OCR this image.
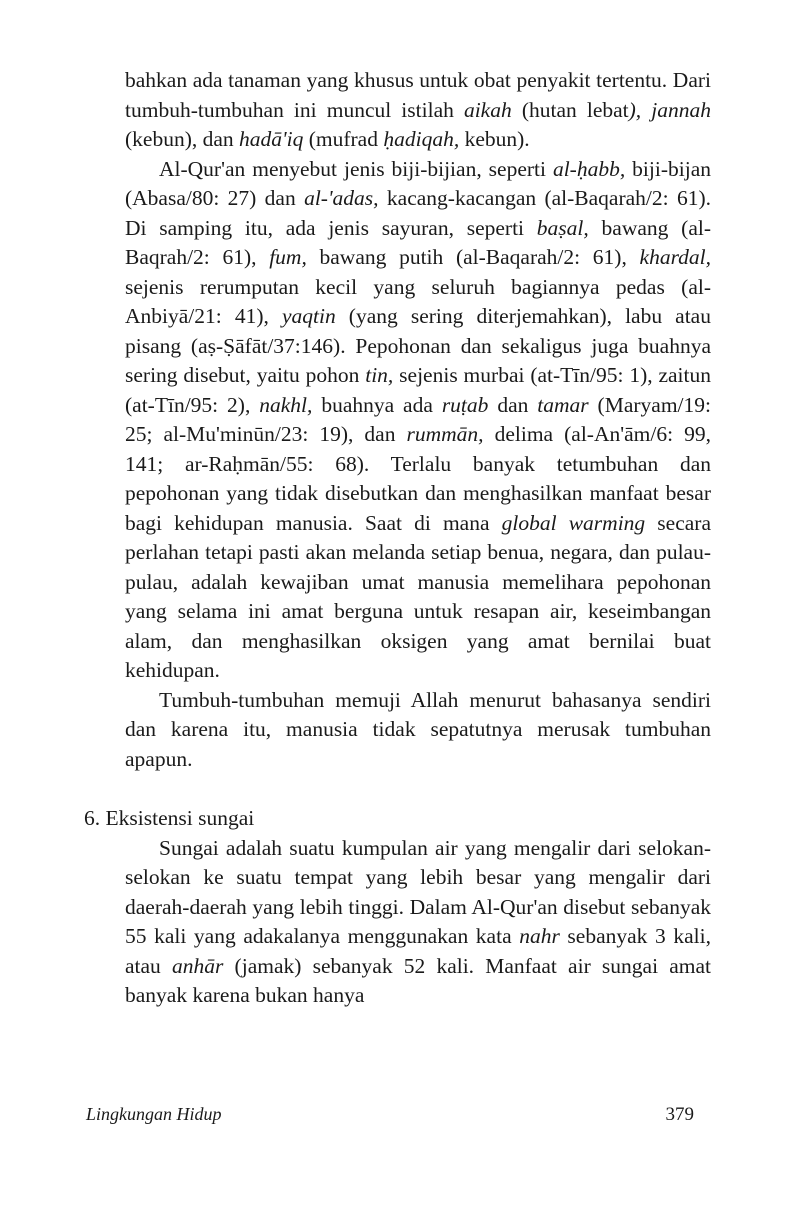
bahkan ada tanaman yang khusus untuk obat penyakit tertentu. Dari tumbuh-tumbuhan ini muncul istilah aikah (hutan lebat), jannah (kebun), dan hadā'iq (mufrad ḥadiqah, kebun).

Al-Qur'an menyebut jenis biji-bijian, seperti al-ḥabb, biji-bijan (Abasa/80: 27) dan al-'adas, kacang-kacangan (al-Baqarah/2: 61). Di samping itu, ada jenis sayuran, seperti baṣal, bawang (al-Baqrah/2: 61), fum, bawang putih (al-Baqarah/2: 61), khardal, sejenis rerumputan kecil yang seluruh bagiannya pedas (al-Anbiyā/21: 41), yaqtin (yang sering diterjemahkan), labu atau pisang (aṣ-Ṣāfāt/37:146). Pepohonan dan sekaligus juga buahnya sering disebut, yaitu pohon tin, sejenis murbai (at-Tīn/95: 1), zaitun (at-Tīn/95: 2), nakhl, buahnya ada ruṭab dan tamar (Maryam/19: 25; al-Mu'minūn/23: 19), dan rummān, delima (al-An'ām/6: 99, 141; ar-Raḥmān/55: 68). Terlalu banyak tetumbuhan dan pepohonan yang tidak disebutkan dan menghasilkan manfaat besar bagi kehidupan manusia. Saat di mana global warming secara perlahan tetapi pasti akan melanda setiap benua, negara, dan pulau-pulau, adalah kewajiban umat manusia memelihara pepohonan yang selama ini amat berguna untuk resapan air, keseimbangan alam, dan menghasilkan oksigen yang amat bernilai buat kehidupan.

Tumbuh-tumbuhan memuji Allah menurut bahasanya sendiri dan karena itu, manusia tidak sepatutnya merusak tumbuhan apapun.

6. Eksistensi sungai

Sungai adalah suatu kumpulan air yang mengalir dari selokan-selokan ke suatu tempat yang lebih besar yang mengalir dari daerah-daerah yang lebih tinggi. Dalam Al-Qur'an disebut sebanyak 55 kali yang adakalanya menggunakan kata nahr sebanyak 3 kali, atau anhār (jamak) sebanyak 52 kali. Manfaat air sungai amat banyak karena bukan hanya

Lingkungan Hidup	379
